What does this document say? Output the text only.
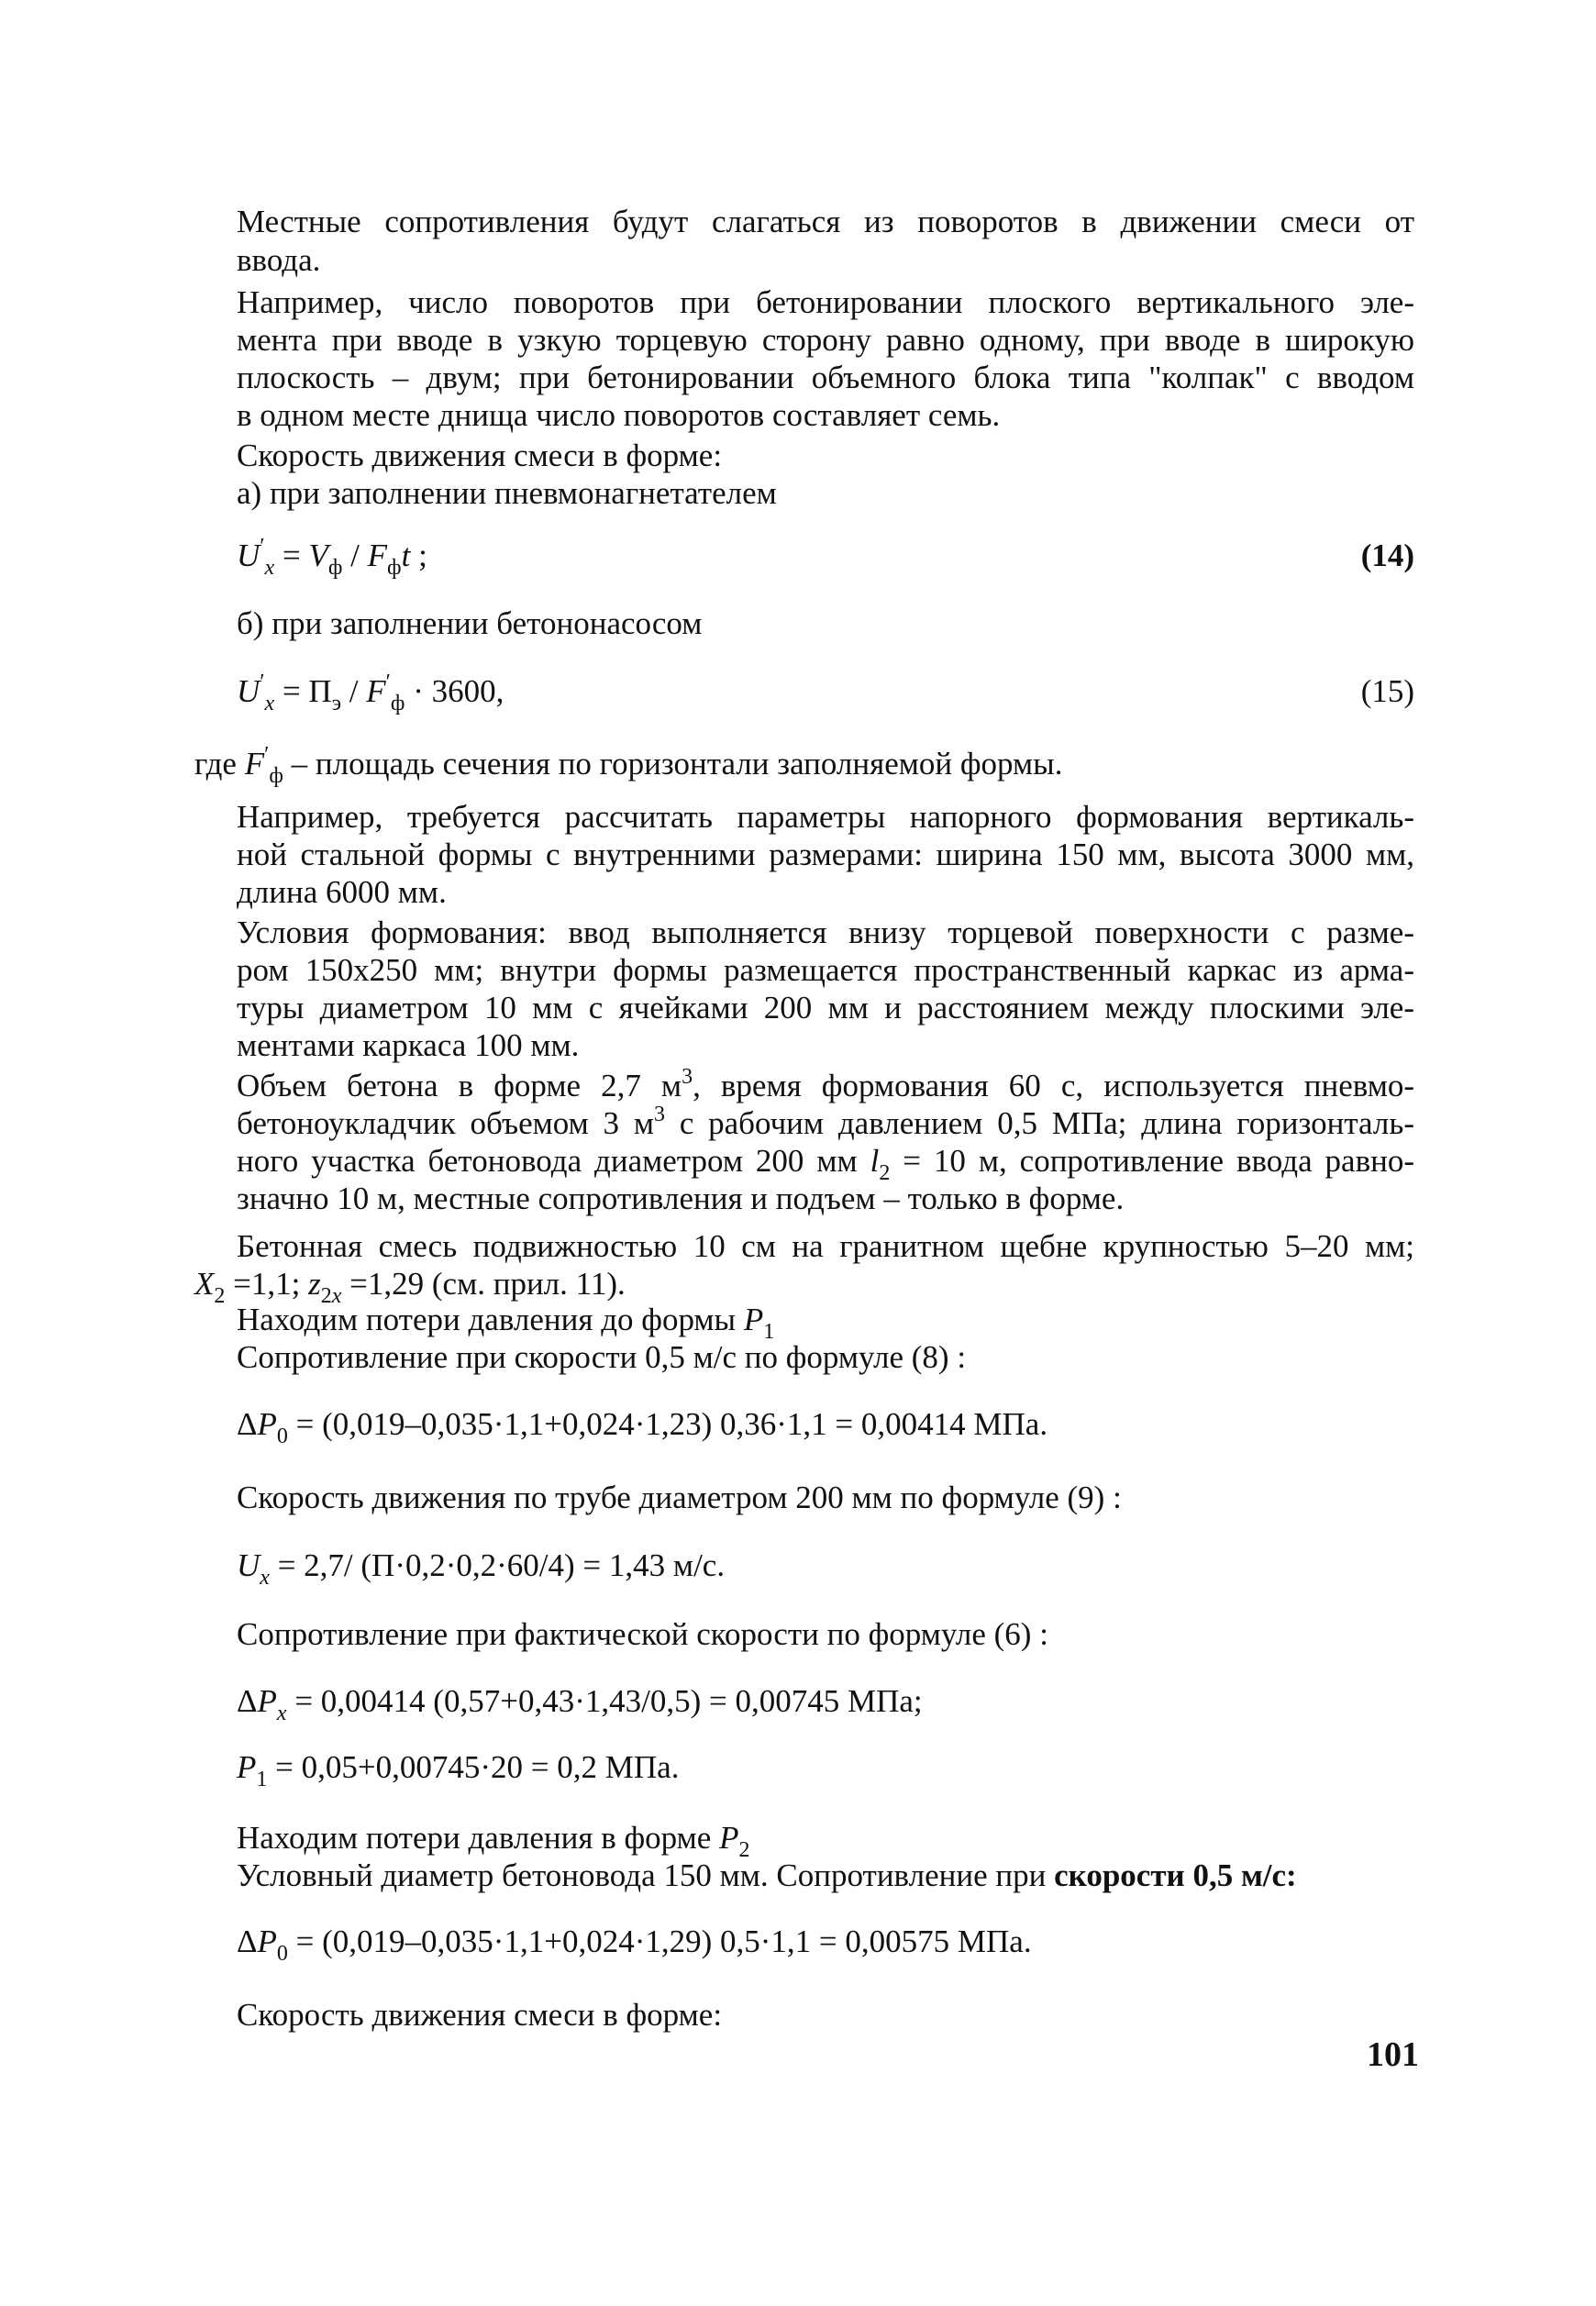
Местные сопротивления будут слагаться из поворотов в движении смеси от
ввода.
Например, число поворотов при бетонировании плоского вертикального эле-
мента при вводе в узкую торцевую сторону равно одному, при вводе в широкую
плоскость – двум; при бетонировании объемного блока типа "колпак" с вводом
в одном месте днища число поворотов составляет семь.
Скорость движения смеси в форме:
а) при заполнении пневмонагнетателем
$U'_x = V_ф / F_фt$ ;	(14)
б) при заполнении бетононасосом
$U'_x = П_э / F'_ф \cdot 3600$,	(15)
где $F'_ф$ – площадь сечения по горизонтали заполняемой формы.
Например, требуется рассчитать параметры напорного формования вертикаль-
ной стальной формы с внутренними размерами: ширина 150 мм, высота 3000 мм,
длина 6000 мм.
Условия формования: ввод выполняется внизу торцевой поверхности с разме-
ром 150х250 мм; внутри формы размещается пространственный каркас из арма-
туры диаметром 10 мм с ячейками 200 мм и расстоянием между плоскими эле-
ментами каркаса 100 мм.
Объем бетона в форме 2,7 $м^3$, время формования 60 с, используется пневмо-
бетоноукладчик объемом 3 $м^3$ с рабочим давлением 0,5 МПа; длина горизонталь-
ного участка бетоновода диаметром 200 мм $l_2 = 10$ м, сопротивление ввода равно-
значно 10 м, местные сопротивления и подъем – только в форме.
Бетонная смесь подвижностью 10 см на гранитном щебне крупностью 5–20 мм;
$X_2 =1,1$; $z_{2x} =1,29$ (см. прил. 11).
Находим потери давления до формы $P_1$
Сопротивление при скорости 0,5 м/с по формуле (8) :
$\Delta P_0 = (0,019-0,035\cdot 1,1+0,024\cdot 1,23) 0,36\cdot 1,1 = 0,00414$ МПа.
Скорость движения по трубе диаметром 200 мм по формуле (9) :
$U_x = 2,7/$ (П·0,2·0,2·60/4) = 1,43 м/с.
Сопротивление при фактической скорости по формуле (6) :
$\Delta P_x = 0,00414$ (0,57+0,43·1,43/0,5) = 0,00745 МПа;
$P_1 = 0,05+0,00745\cdot 20 = 0,2$ МПа.
Находим потери давления в форме $P_2$
Условный диаметр бетоновода 150 мм. Сопротивление при скорости 0,5 м/с:
$\Delta P_0 = (0,019-0,035\cdot 1,1+0,024\cdot 1,29) 0,5\cdot 1,1 = 0,00575$ МПа.
Скорость движения смеси в форме:
101
